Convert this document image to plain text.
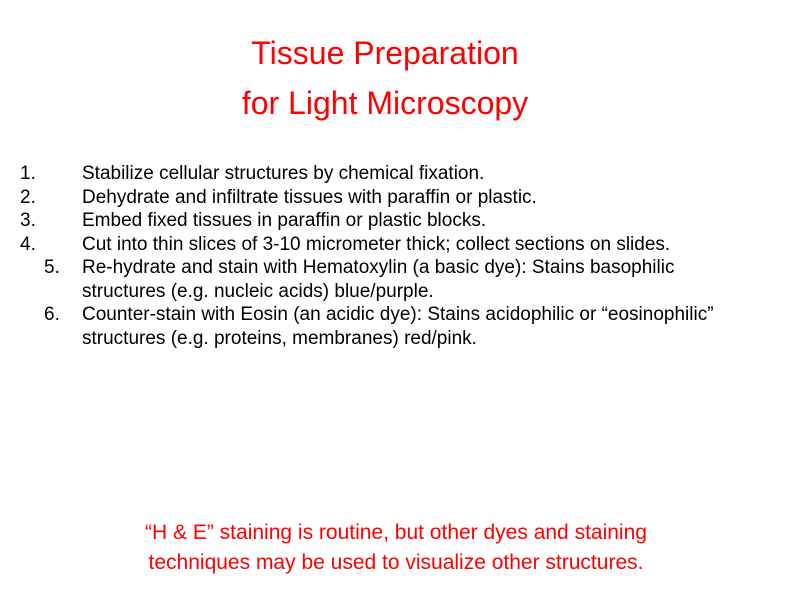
Tissue Preparation
for Light Microscopy
1. Stabilize cellular structures by chemical fixation.
2. Dehydrate and infiltrate tissues with paraffin or plastic.
3. Embed fixed tissues in paraffin or plastic blocks.
4. Cut into thin slices of 3-10 micrometer thick; collect sections on slides.
5. Re-hydrate and stain with Hematoxylin (a basic dye): Stains basophilic structures (e.g. nucleic acids) blue/purple.
6. Counter-stain with Eosin (an acidic dye): Stains acidophilic or “eosinophilic” structures (e.g. proteins, membranes) red/pink.

“H & E” staining is routine, but other dyes and staining
techniques may be used to visualize other structures.
